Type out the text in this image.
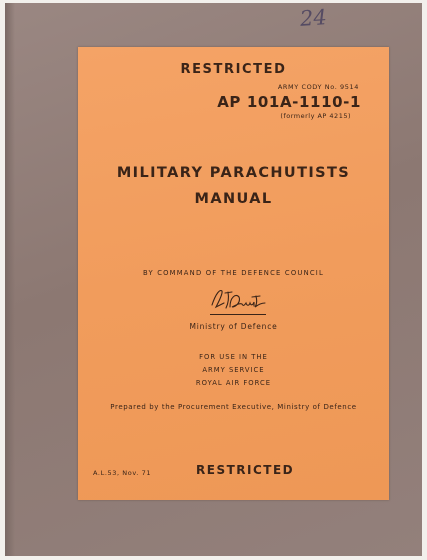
24
RESTRICTED
ARMY CODY No. 9514
AP 101A-1110-1
(formerly AP 4215)
MILITARY PARACHUTISTS
MANUAL
BY COMMAND OF THE DEFENCE COUNCIL
Ministry of Defence
FOR USE IN THE
ARMY SERVICE
ROYAL AIR FORCE
Prepared by the Procurement Executive, Ministry of Defence
A.L.53, Nov. 71	RESTRICTED
